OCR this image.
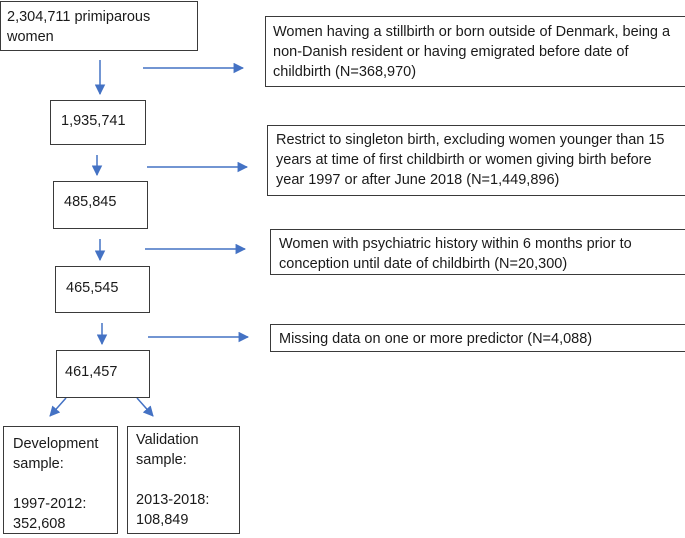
2,304,711 primiparous
women
1,935,741
485,845
465,545
461,457
Women having a stillbirth or born outside of Denmark, being a non-Danish resident or having emigrated before date of childbirth (N=368,970)
Restrict to singleton birth, excluding women younger than 15 years at time of first childbirth or women giving birth before year 1997 or after June 2018 (N=1,449,896)
Women with psychiatric history within 6 months prior to conception until date of childbirth (N=20,300)
Missing data on one or more predictor (N=4,088)
Development
sample:

1997-2012:
352,608
Validation
sample:

2013-2018:
108,849
